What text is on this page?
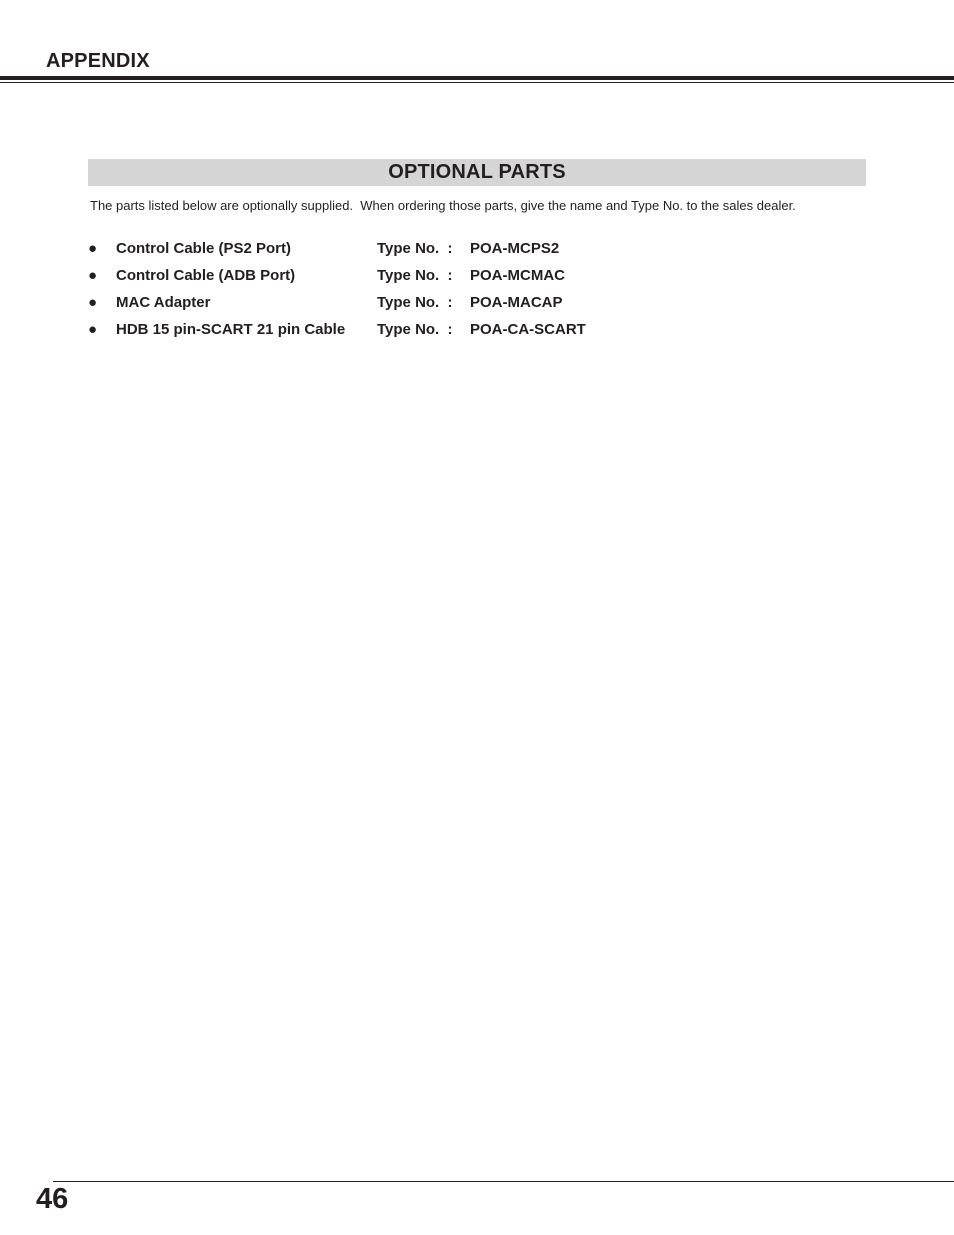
APPENDIX
OPTIONAL PARTS

The parts listed below are optionally supplied.  When ordering those parts, give the name and Type No. to the sales dealer.

●	Control Cable (PS2 Port)	Type No.  :	POA-MCPS2
●	Control Cable (ADB Port)	Type No.  :	POA-MCMAC
●	MAC Adapter	Type No.  :	POA-MACAP
●	HDB 15 pin-SCART 21 pin Cable	Type No.  :	POA-CA-SCART
46
